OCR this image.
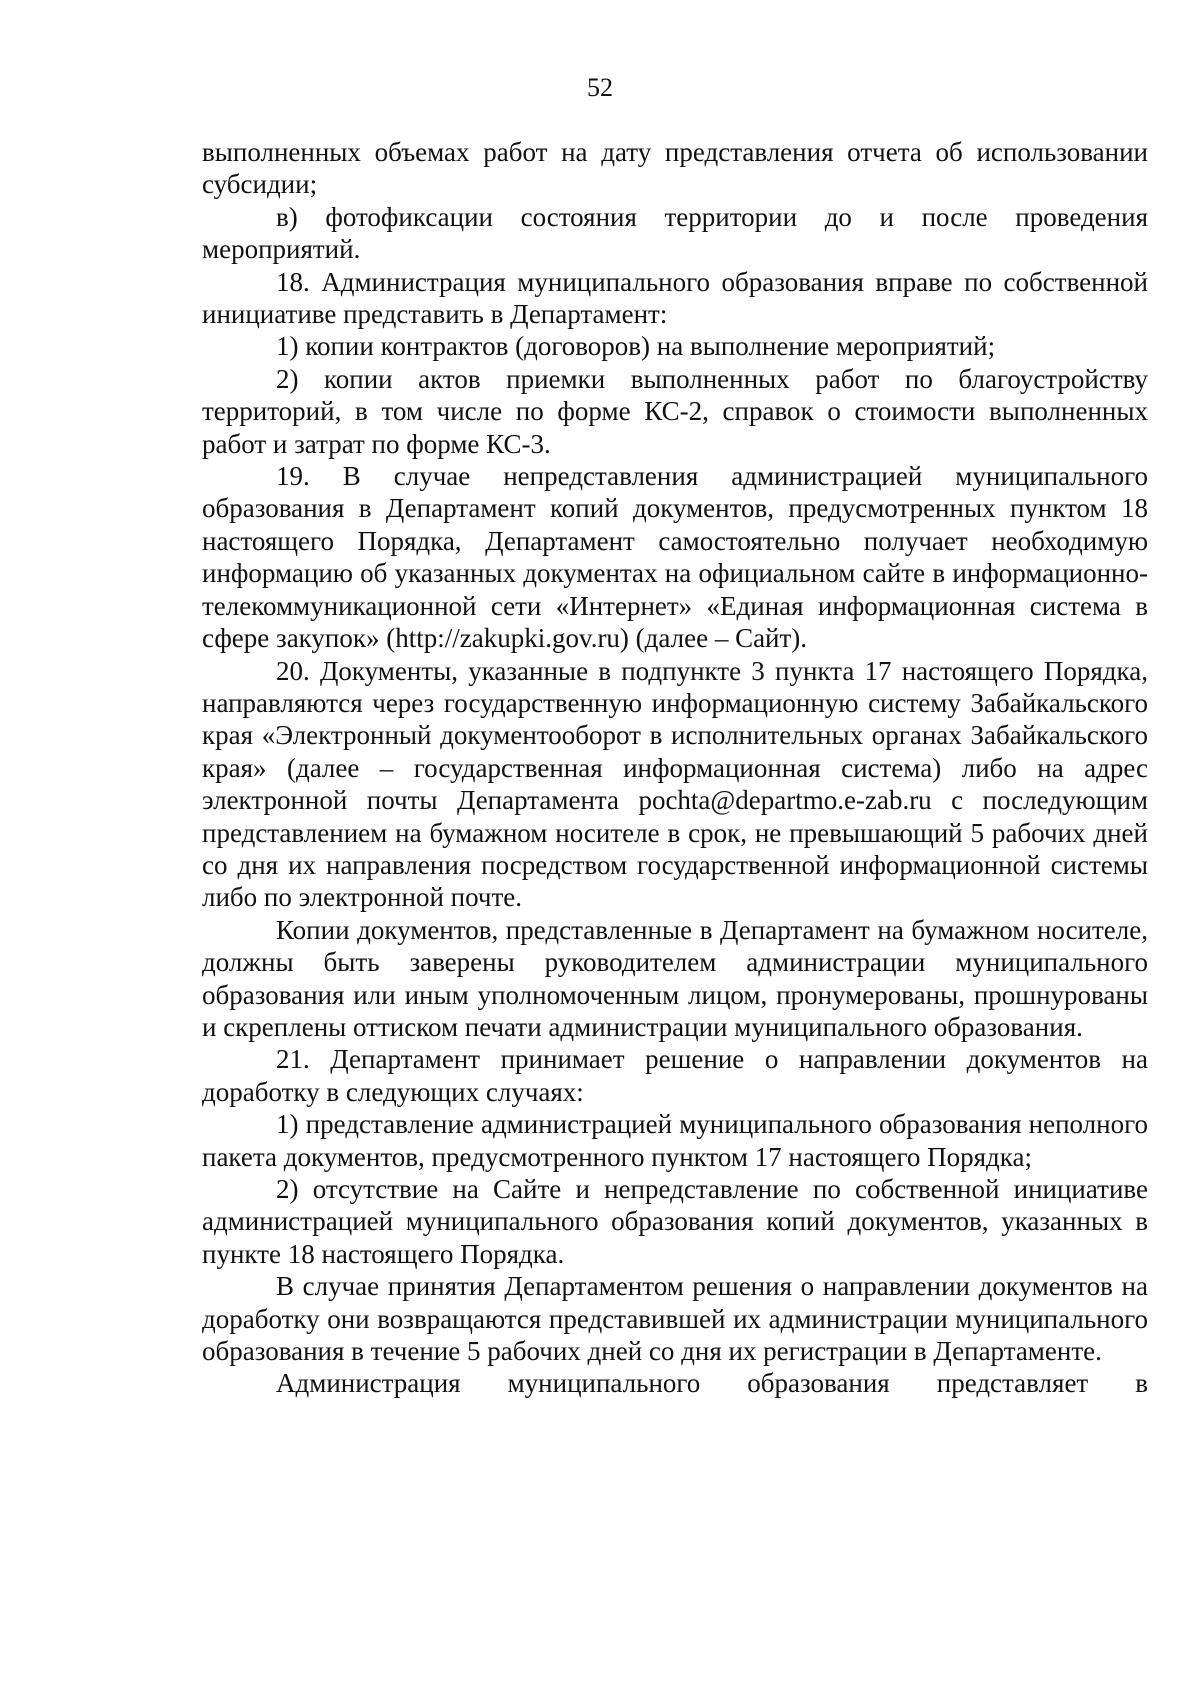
52

выполненных объемах работ на дату представления отчета об использовании субсидии;

в) фотофиксации состояния территории до и после проведения мероприятий.

18. Администрация муниципального образования вправе по собственной инициативе представить в Департамент:

1) копии контрактов (договоров) на выполнение мероприятий;

2) копии актов приемки выполненных работ по благоустройству территорий, в том числе по форме КС-2, справок о стоимости выполненных работ и затрат по форме КС-3.

19. В случае непредставления администрацией муниципального образования в Департамент копий документов, предусмотренных пунктом 18 настоящего Порядка, Департамент самостоятельно получает необходимую информацию об указанных документах на официальном сайте в информационно-телекоммуникационной сети «Интернет» «Единая информационная система в сфере закупок» (http://zakupki.gov.ru) (далее – Сайт).

20. Документы, указанные в подпункте 3 пункта 17 настоящего Порядка, направляются через государственную информационную систему Забайкальского края «Электронный документооборот в исполнительных органах Забайкальского края» (далее – государственная информационная система) либо на адрес электронной почты Департамента pochta@departmo.e-zab.ru с последующим представлением на бумажном носителе в срок, не превышающий 5 рабочих дней со дня их направления посредством государственной информационной системы либо по электронной почте.

Копии документов, представленные в Департамент на бумажном носителе, должны быть заверены руководителем администрации муниципального образования или иным уполномоченным лицом, пронумерованы, прошнурованы и скреплены оттиском печати администрации муниципального образования.

21. Департамент принимает решение о направлении документов на доработку в следующих случаях:

1) представление администрацией муниципального образования неполного пакета документов, предусмотренного пунктом 17 настоящего Порядка;

2) отсутствие на Сайте и непредставление по собственной инициативе администрацией муниципального образования копий документов, указанных в пункте 18 настоящего Порядка.

В случае принятия Департаментом решения о направлении документов на доработку они возвращаются представившей их администрации муниципального образования в течение 5 рабочих дней со дня их регистрации в Департаменте.

Администрация муниципального образования представляет в
